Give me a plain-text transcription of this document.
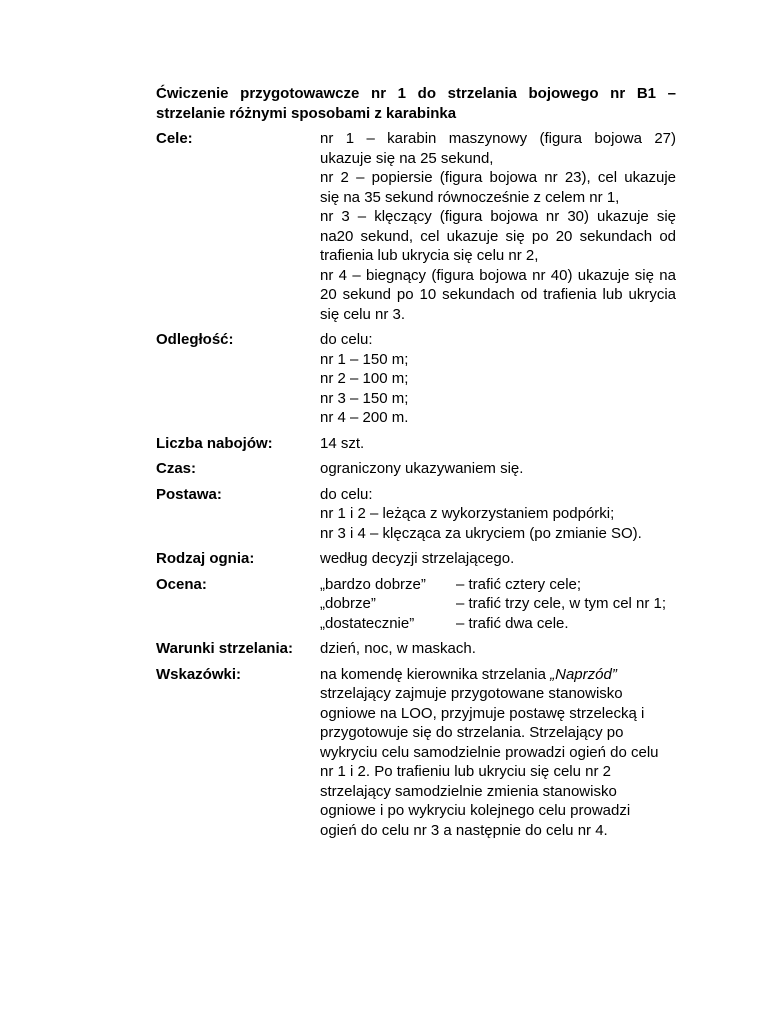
Ćwiczenie przygotowawcze nr 1 do strzelania bojowego nr B1 –
strzelanie różnymi sposobami z karabinka
Cele:	nr 1 – karabin maszynowy (figura bojowa 27)
ukazuje się na 25 sekund,
nr 2 – popiersie (figura bojowa nr 23), cel ukazuje
się na 35 sekund równocześnie z celem nr 1,
nr 3 – klęczący (figura bojowa nr 30) ukazuje się
na20 sekund, cel ukazuje się po 20 sekundach od
trafienia lub ukrycia się celu nr 2,
nr 4 – biegnący (figura bojowa nr 40) ukazuje się na
20 sekund po 10 sekundach od trafienia lub ukrycia
się celu nr 3.
Odległość:	do celu:
nr 1 – 150 m;
nr 2 – 100 m;
nr 3 – 150 m;
nr 4 – 200 m.
Liczba nabojów:	14 szt.
Czas:	ograniczony ukazywaniem się.
Postawa:	do celu:
nr 1 i 2 – leżąca z wykorzystaniem podpórki;
nr 3 i 4 – klęcząca za ukryciem (po zmianie SO).
Rodzaj ognia:	według decyzji strzelającego.
Ocena:	„bardzo dobrze”	– trafić cztery cele;
„dobrze”	– trafić trzy cele, w tym cel nr 1;
„dostatecznie”	– trafić dwa cele.
Warunki strzelania:	dzień, noc, w maskach.
Wskazówki:	na komendę kierownika strzelania „Naprzód”
strzelający zajmuje przygotowane stanowisko
ogniowe na LOO, przyjmuje postawę strzelecką i
przygotowuje się do strzelania. Strzelający po
wykryciu celu samodzielnie prowadzi ogień do celu
nr 1 i 2. Po trafieniu lub ukryciu się celu nr 2
strzelający samodzielnie zmienia stanowisko
ogniowe i po wykryciu kolejnego celu prowadzi
ogień do celu nr 3 a następnie do celu nr 4.
